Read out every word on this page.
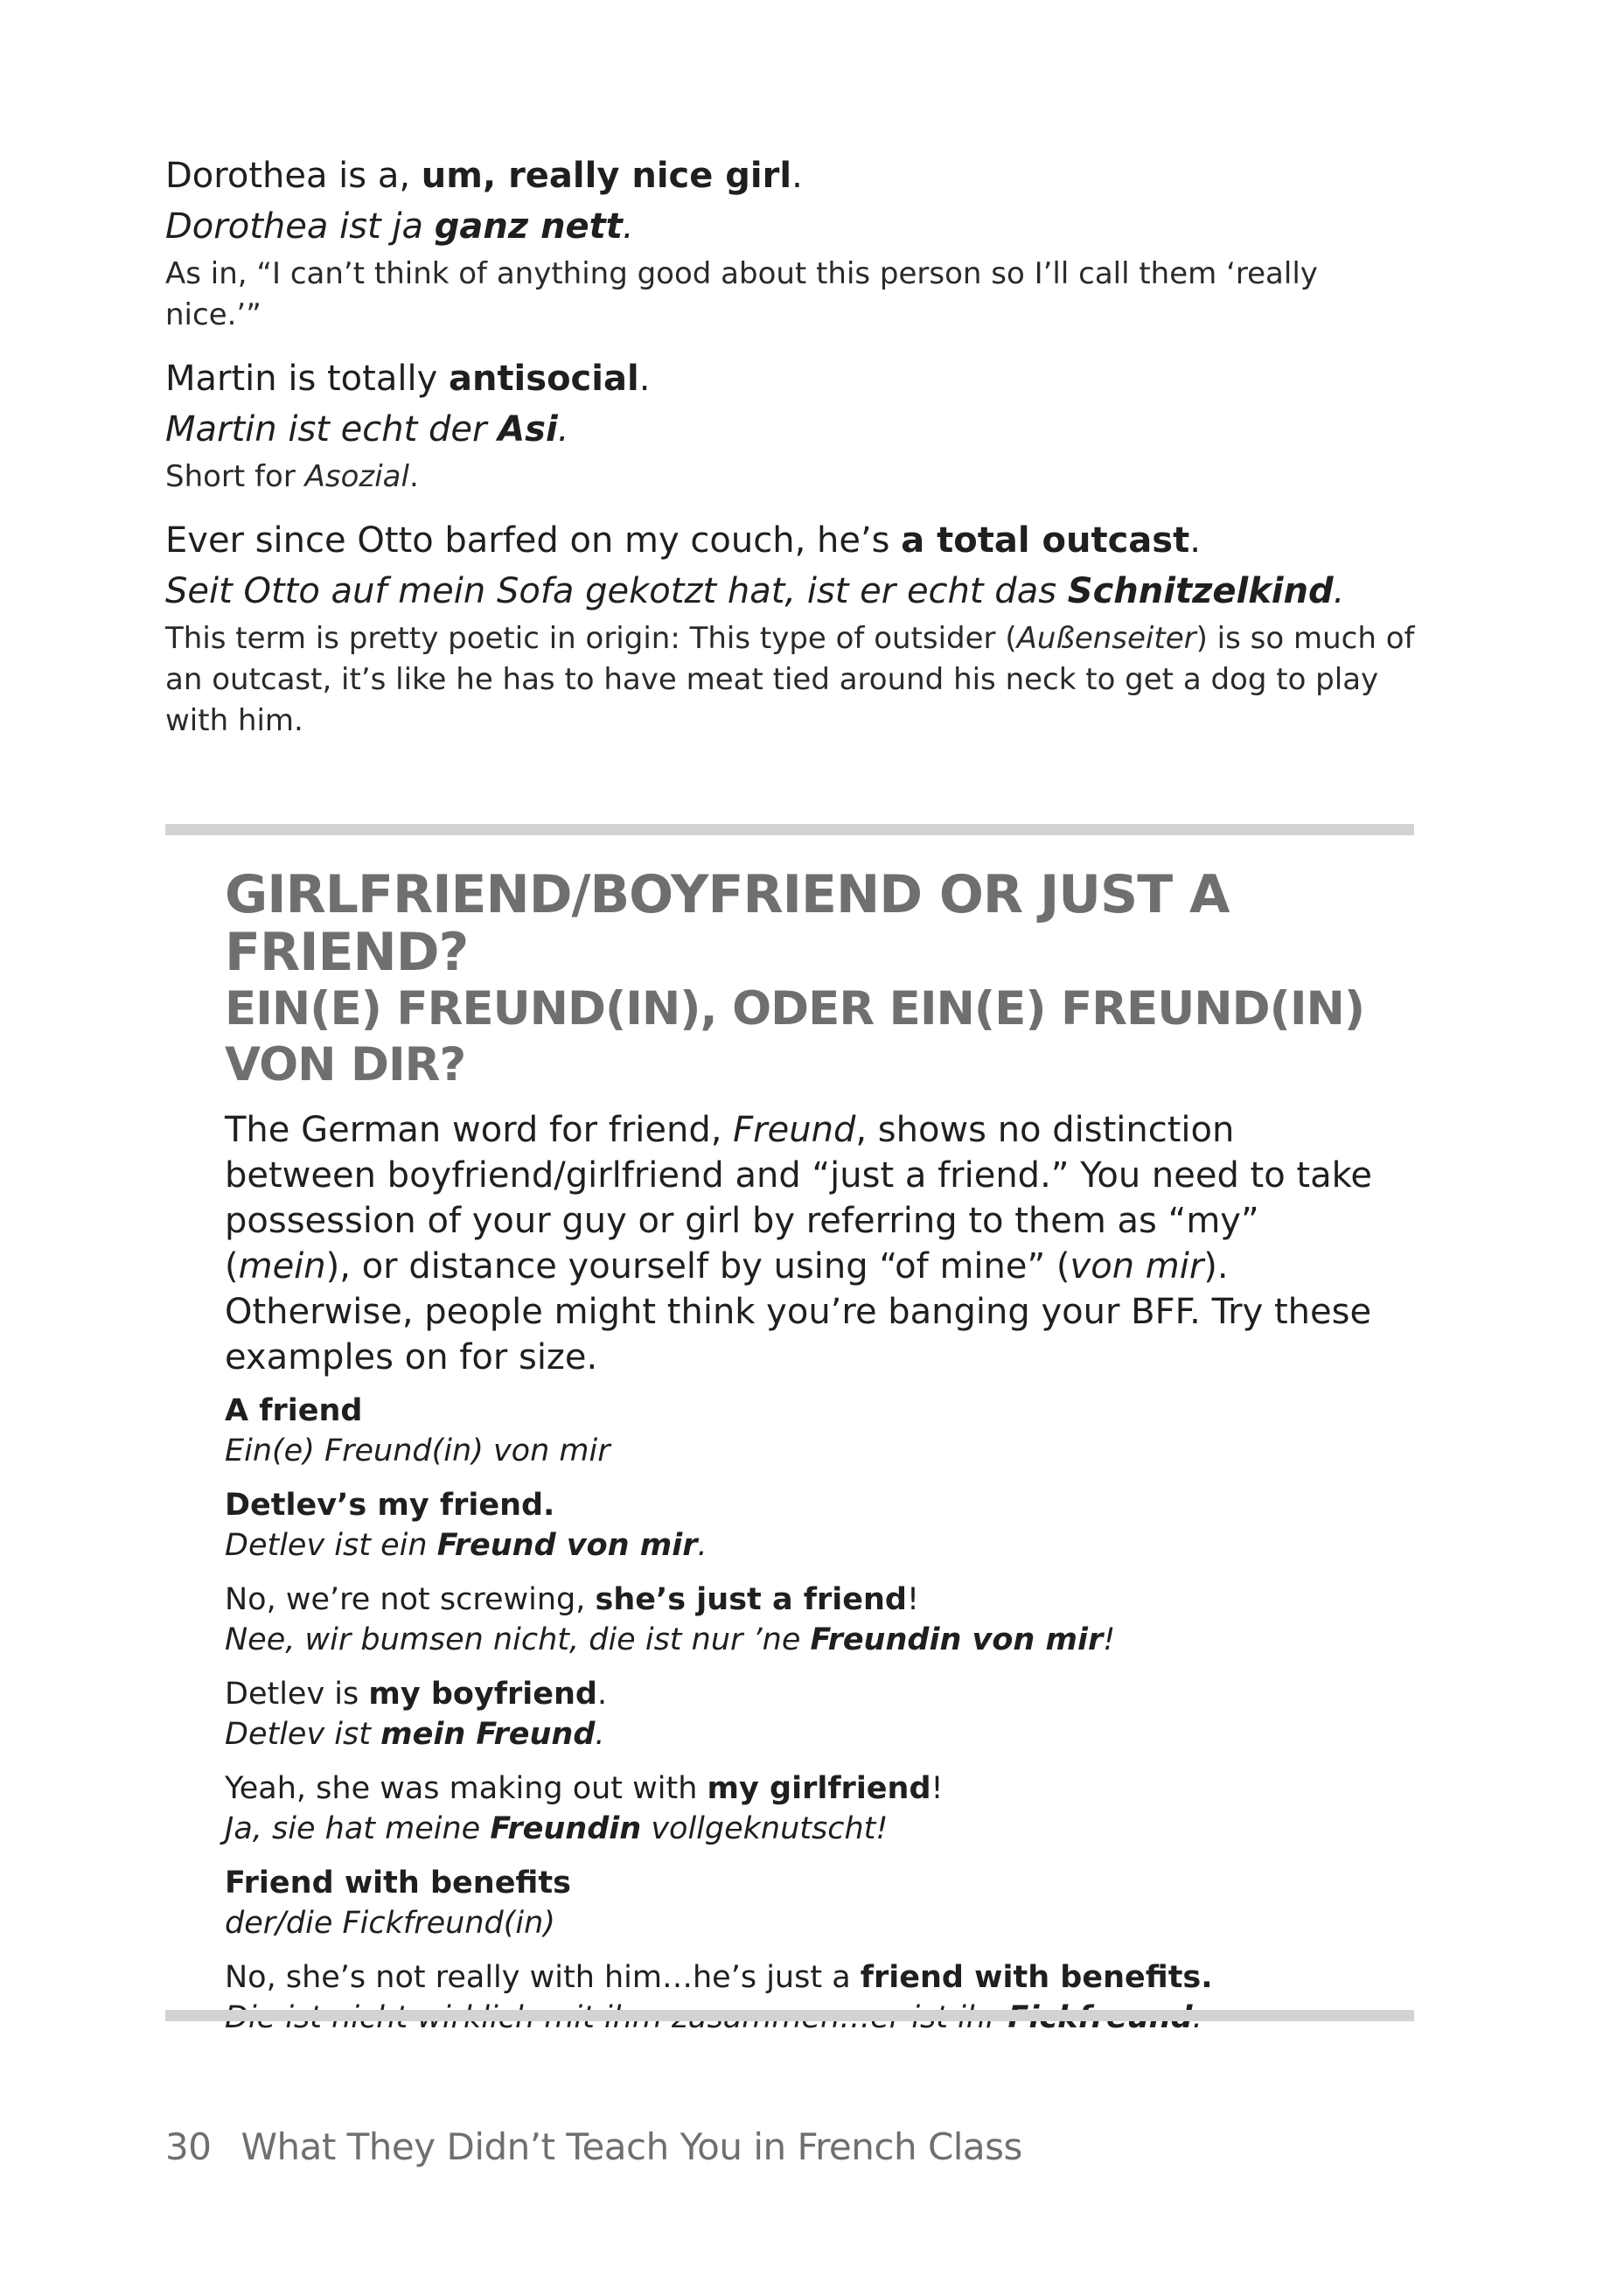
Dorothea is a, um, really nice girl.

Dorothea ist ja ganz nett.

As in, “I can’t think of anything good about this person so I’ll call them ‘really nice.’”

Martin is totally antisocial.

Martin ist echt der Asi.

Short for Asozial.

Ever since Otto barfed on my couch, he’s a total outcast.

Seit Otto auf mein Sofa gekotzt hat, ist er echt das Schnitzelkind.

This term is pretty poetic in origin: This type of outsider (Außenseiter) is so much of an outcast, it’s like he has to have meat tied around his neck to get a dog to play with him.

GIRLFRIEND/BOYFRIEND OR JUST A FRIEND?
EIN(E) FREUND(IN), ODER EIN(E) FREUND(IN) VON DIR?

The German word for friend, Freund, shows no distinction between boyfriend/girlfriend and “just a friend.” You need to take possession of your guy or girl by referring to them as “my” (mein), or distance yourself by using “of mine” (von mir). Otherwise, people might think you’re banging your BFF. Try these examples on for size.

A friend

Ein(e) Freund(in) von mir

Detlev’s my friend.

Detlev ist ein Freund von mir.

No, we’re not screwing, she’s just a friend!

Nee, wir bumsen nicht, die ist nur ’ne Freundin von mir!

Detlev is my boyfriend.

Detlev ist mein Freund.

Yeah, she was making out with my girlfriend!

Ja, sie hat meine Freundin vollgeknutscht!

Friend with benefits

der/die Fickfreund(in)

No, she’s not really with him…he’s just a friend with benefits.

30 What They Didn’t Teach You in French Class
